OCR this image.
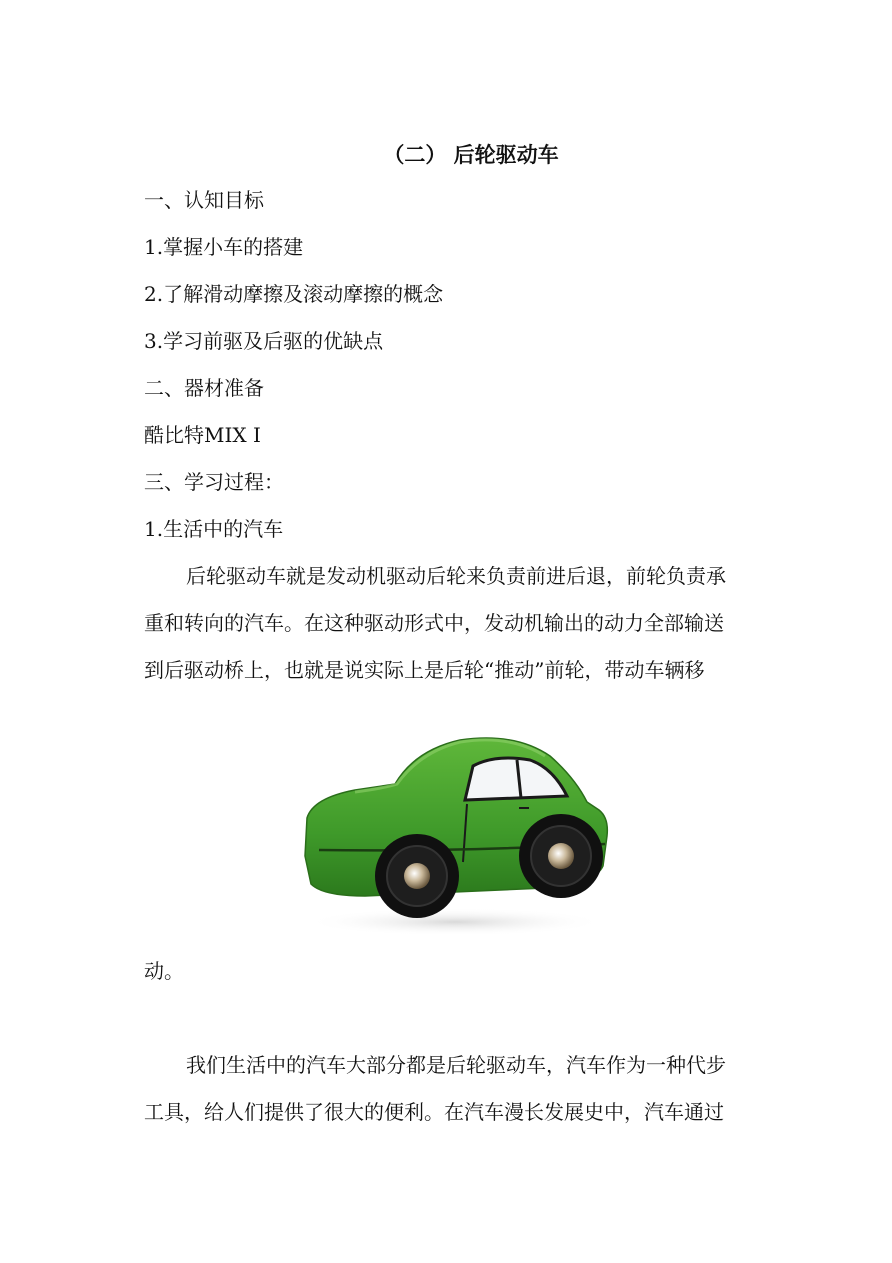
（二） 后轮驱动车
一、认知目标
1.掌握小车的搭建
2.了解滑动摩擦及滚动摩擦的概念
3.学习前驱及后驱的优缺点
二、器材准备
酷比特MIX I
三、学习过程：
1.生活中的汽车
后轮驱动车就是发动机驱动后轮来负责前进后退，前轮负责承
重和转向的汽车。在这种驱动形式中，发动机输出的动力全部输送
到后驱动桥上，也就是说实际上是后轮“推动”前轮，带动车辆移
动。
我们生活中的汽车大部分都是后轮驱动车，汽车作为一种代步
工具，给人们提供了很大的便利。在汽车漫长发展史中，汽车通过
